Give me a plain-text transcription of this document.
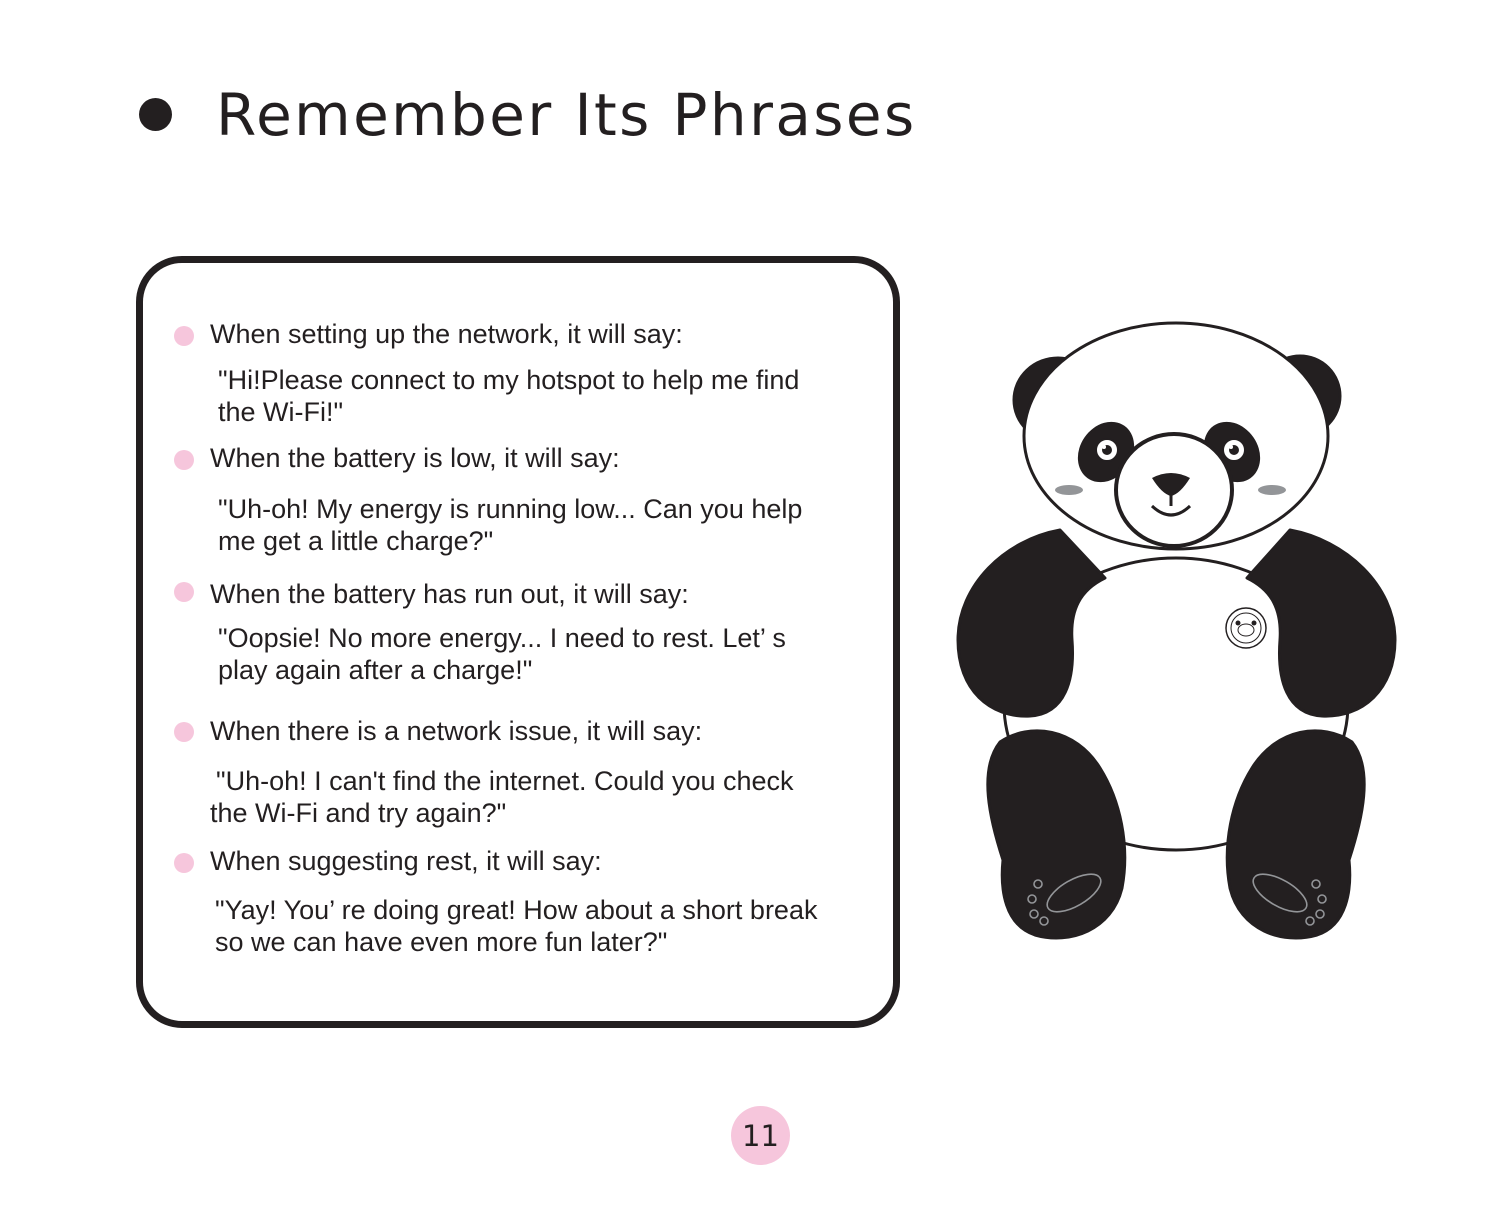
Remember Its Phrases
When setting up the network, it will say:
"Hi!Please connect to my hotspot to help me find
the Wi-Fi!"
When the battery is low, it will say:
"Uh-oh! My energy is running low... Can you help
me get a little charge?"
When the battery has run out, it will say:
"Oopsie! No more energy... I need to rest. Let’ s
play again after a charge!"
When there is a network issue, it will say:
"Uh-oh! I can't find the internet. Could you check
the Wi-Fi and try again?"
When suggesting rest, it will say:
"Yay! You’ re doing great! How about a short break
so we can have even more fun later?"
11
